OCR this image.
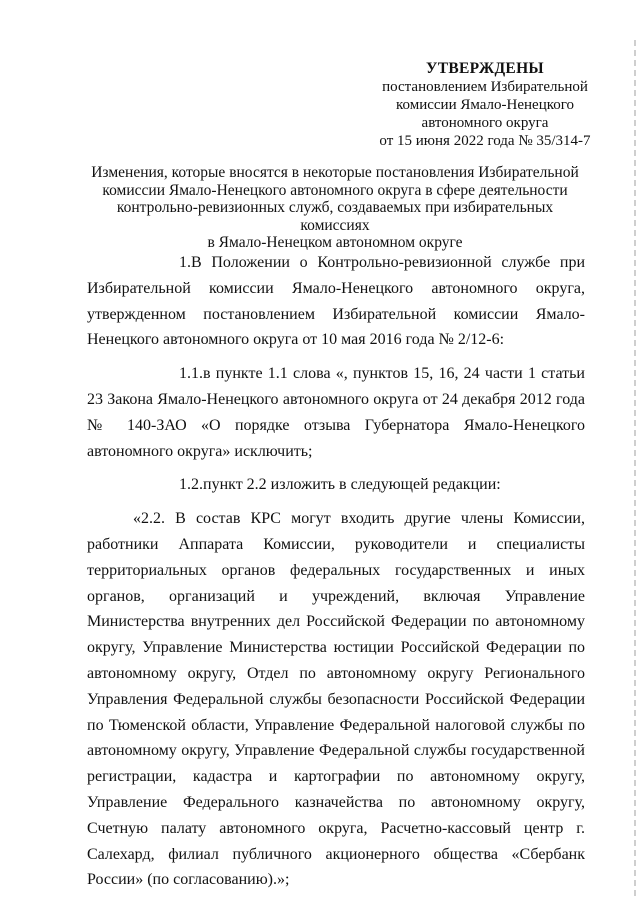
УТВЕРЖДЕНЫ
постановлением Избирательной
комиссии Ямало-Ненецкого
автономного округа
от 15 июня 2022 года № 35/314-7
Изменения, которые вносятся в некоторые постановления Избирательной
комиссии Ямало-Ненецкого автономного округа в сфере деятельности
контрольно-ревизионных служб, создаваемых при избирательных комиссиях
в Ямало-Ненецком автономном округе

1.В Положении о Контрольно-ревизионной службе при Избирательной комиссии Ямало-Ненецкого автономного округа, утвержденном постановлением Избирательной комиссии Ямало-Ненецкого автономного округа от 10 мая 2016 года № 2/12-6:

1.1.в пункте 1.1 слова «, пунктов 15, 16, 24 части 1 статьи 23 Закона Ямало-Ненецкого автономного округа от 24 декабря 2012 года № 140-ЗАО «О порядке отзыва Губернатора Ямало-Ненецкого автономного округа» исключить;

1.2.пункт 2.2 изложить в следующей редакции:

«2.2. В состав КРС могут входить другие члены Комиссии, работники Аппарата Комиссии, руководители и специалисты территориальных органов федеральных государственных и иных органов, организаций и учреждений, включая Управление Министерства внутренних дел Российской Федерации по автономному округу, Управление Министерства юстиции Российской Федерации по автономному округу, Отдел по автономному округу Регионального Управления Федеральной службы безопасности Российской Федерации по Тюменской области, Управление Федеральной налоговой службы по автономному округу, Управление Федеральной службы государственной регистрации, кадастра и картографии по автономному округу, Управление Федерального казначейства по автономному округу, Счетную палату автономного округа, Расчетно-кассовый центр г. Салехард, филиал публичного акционерного общества «Сбербанк России» (по согласованию).»;
